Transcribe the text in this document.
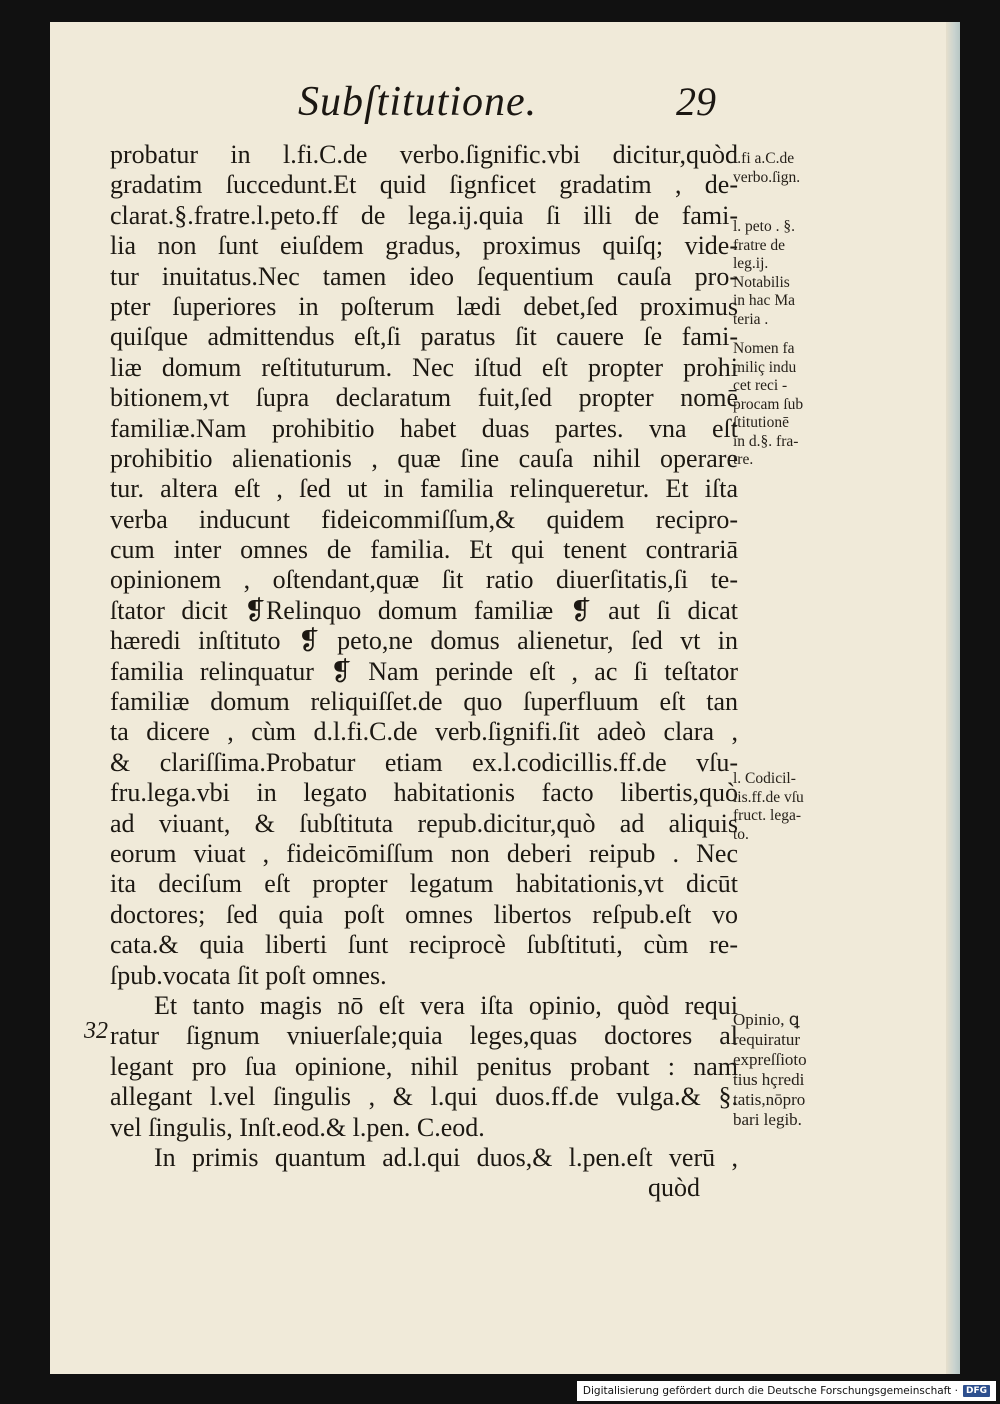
Subſtitutione.	29
probatur in l.fi.C.de verbo.ſignific.vbi dicitur,quòd
gradatim ſuccedunt.Et quid ſignficet gradatim , de-
clarat.§.fratre.l.peto.ff de lega.ij.quia ſi illi de fami-
lia non ſunt eiuſdem gradus, proximus quiſq; vide-
tur inuitatus.Nec tamen ideo ſequentium cauſa pro-
pter ſuperiores in poſterum lædi debet,ſed proximus
quiſque admittendus eſt,ſi paratus ſit cauere ſe fami-
liæ domum reſtituturum. Nec iſtud eſt propter prohi
bitionem,vt ſupra declaratum fuit,ſed propter nomē
familiæ.Nam prohibitio habet duas partes. vna eſt
prohibitio alienationis , quæ ſine cauſa nihil operare
tur. altera eſt , ſed ut in familia relinqueretur. Et iſta
verba inducunt fideicommiſſum,& quidem recipro-
cum inter omnes de familia. Et qui tenent contrariā
opinionem , oſtendant,quæ ſit ratio diuerſitatis,ſi te-
ſtator dicit ❡Relinquo domum familiæ ❡ aut ſi dicat
hæredi inſtituto ❡ peto,ne domus alienetur, ſed vt in
familia relinquatur ❡ Nam perinde eſt , ac ſi teſtator
familiæ domum reliquiſſet.de quo ſuperfluum eſt tan
ta dicere , cùm d.l.fi.C.de verb.ſignifi.ſit adeò clara ,
& clariſſima.Probatur etiam ex.l.codicillis.ff.de vſu-
fru.lega.vbi in legato habitationis facto libertis,quò
ad viuant, & ſubſtituta repub.dicitur,quò ad aliquis
eorum viuat , fideicōmiſſum non deberi reipub . Nec
ita deciſum eſt propter legatum habitationis,vt dicūt
doctores; ſed quia poſt omnes libertos reſpub.eſt vo
cata.& quia liberti ſunt reciprocè ſubſtituti, cùm re-
ſpub.vocata ſit poſt omnes.
Et tanto magis nō eſt vera iſta opinio, quòd requi
ratur ſignum vniuerſale;quia leges,quas doctores al
legant pro ſua opinione, nihil penitus probant : nam
allegant l.vel ſingulis , & l.qui duos.ff.de vulga.& §.
vel ſingulis, Inſt.eod.& l.pen. C.eod.
In primis quantum ad.l.qui duos,& l.pen.eſt verū ,
quòd
32
l.fi a.C.de
verbo.ſign.
l. peto . §.
fratre de
leg.ij.
Notabilis
in hac Ma
teria .
Nomen fa
miliç indu
cet reci -
procam ſub
ſtitutionē
in d.§. fra-
tre.
l. Codicil-
lis.ff.de vſu
fruct. lega-
to.
Opinio, ꝗ
requiratur
expreſſioto
tius hçredi
tatis,nōpro
bari legib.
Digitalisierung gefördert durch die Deutsche Forschungsgemeinschaft · DFG
